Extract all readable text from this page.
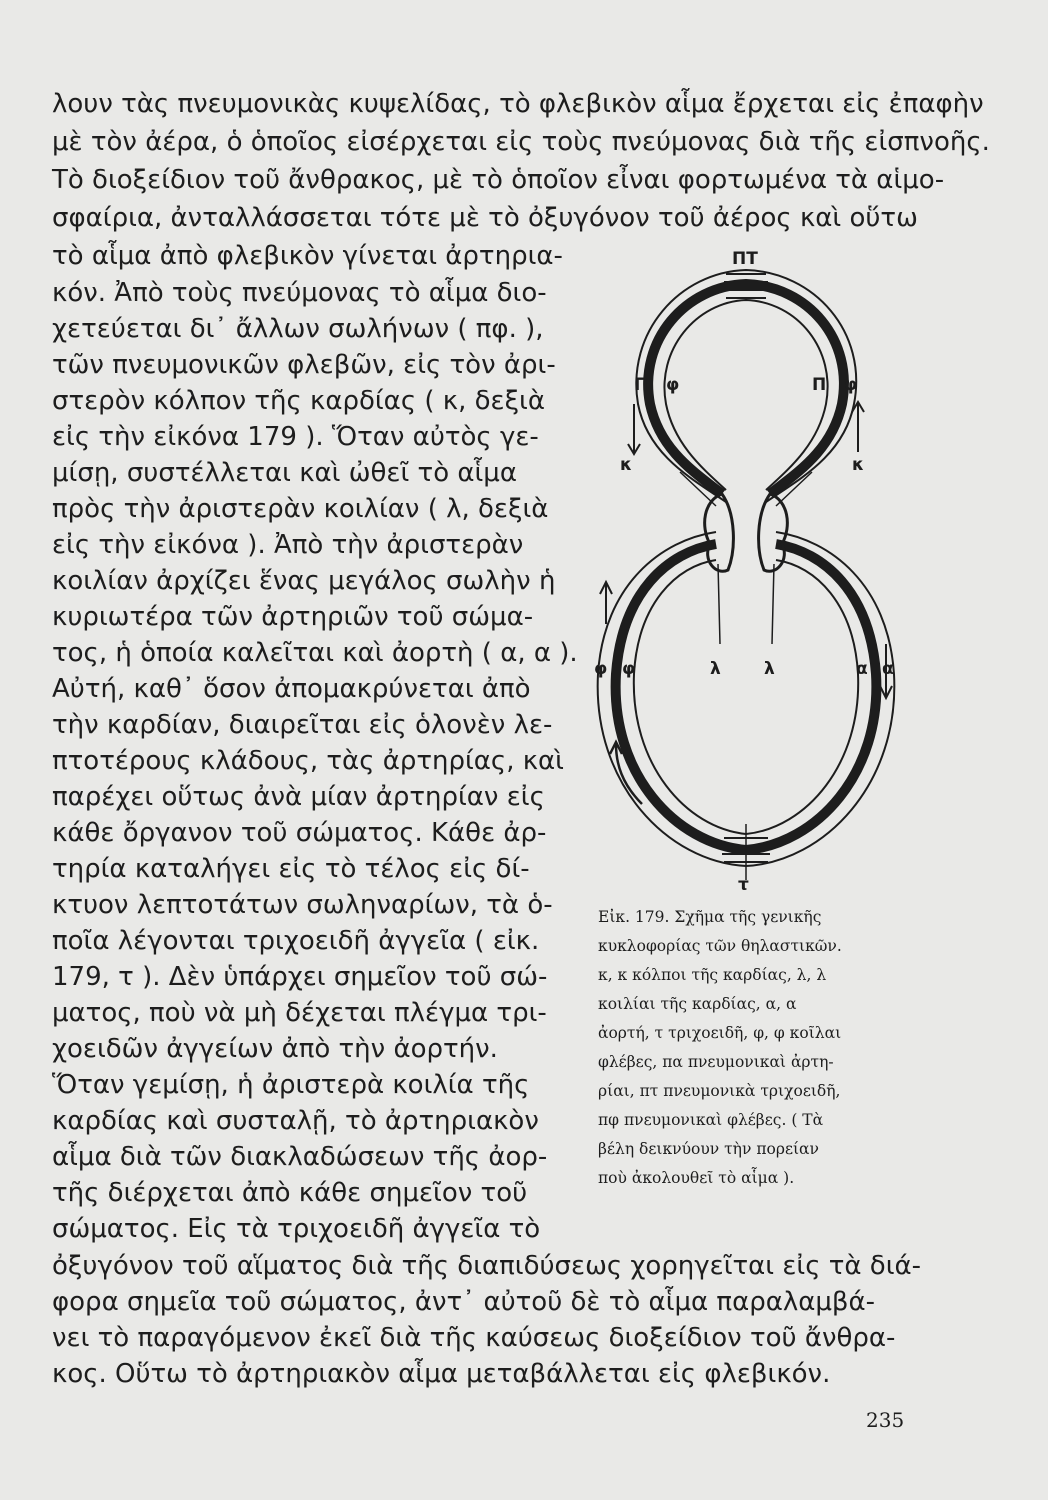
λουν τὰς πνευμονικὰς κυψελίδας, τὸ φλεβικὸν αἷμα ἔρχεται εἰς ἐπαφὴν
μὲ τὸν ἀέρα, ὁ ὁποῖος εἰσέρχεται εἰς τοὺς πνεύμονας διὰ τῆς εἰσπνοῆς.
Τὸ διοξείδιον τοῦ ἄνθρακος, μὲ τὸ ὁποῖον εἶναι φορτωμένα τὰ αἱμο-
σφαίρια, ἀνταλλάσσεται τότε μὲ τὸ ὀξυγόνον τοῦ ἀέρος καὶ οὕτω
τὸ αἷμα ἀπὸ φλεβικὸν γίνεται ἀρτηρια-
κόν. Ἀπὸ τοὺς πνεύμονας τὸ αἷμα διο-
χετεύεται δι᾽ ἄλλων σωλήνων ( πφ. ),
τῶν πνευμονικῶν φλεβῶν, εἰς τὸν ἀρι-
στερὸν κόλπον τῆς καρδίας ( κ, δεξιὰ
εἰς τὴν εἰκόνα 179 ). Ὅταν αὐτὸς γε-
μίσῃ, συστέλλεται καὶ ὠθεῖ τὸ αἷμα
πρὸς τὴν ἀριστερὰν κοιλίαν ( λ, δεξιὰ
εἰς τὴν εἰκόνα ). Ἀπὸ τὴν ἀριστερὰν
κοιλίαν ἀρχίζει ἕνας μεγάλος σωλὴν ἡ
κυριωτέρα τῶν ἀρτηριῶν τοῦ σώμα-
τος, ἡ ὁποία καλεῖται καὶ ἀορτὴ ( α, α ).
Αὐτή, καθ᾽ ὅσον ἀπομακρύνεται ἀπὸ
τὴν καρδίαν, διαιρεῖται εἰς ὁλονὲν λε-
πτοτέρους κλάδους, τὰς ἀρτηρίας, καὶ
παρέχει οὕτως ἀνὰ μίαν ἀρτηρίαν εἰς
κάθε ὄργανον τοῦ σώματος. Κάθε ἀρ-
τηρία καταλήγει εἰς τὸ τέλος εἰς δί-
κτυον λεπτοτάτων σωληναρίων, τὰ ὁ-
ποῖα λέγονται τριχοειδῆ ἀγγεῖα ( εἰκ.
179, τ ). Δὲν ὑπάρχει σημεῖον τοῦ σώ-
ματος, ποὺ νὰ μὴ δέχεται πλέγμα τρι-
χοειδῶν ἀγγείων ἀπὸ τὴν ἀορτήν.
Ὅταν γεμίσῃ, ἡ ἀριστερὰ κοιλία τῆς
καρδίας καὶ συσταλῇ, τὸ ἀρτηριακὸν
αἷμα διὰ τῶν διακλαδώσεων τῆς ἀορ-
τῆς διέρχεται ἀπὸ κάθε σημεῖον τοῦ
σώματος. Εἰς τὰ τριχοειδῆ ἀγγεῖα τὸ
ὀξυγόνον τοῦ αἵματος διὰ τῆς διαπιδύσεως χορηγεῖται εἰς τὰ διά-
φορα σημεῖα τοῦ σώματος, ἀντ᾽ αὐτοῦ δὲ τὸ αἷμα παραλαμβά-
νει τὸ παραγόμενον ἐκεῖ διὰ τῆς καύσεως διοξείδιον τοῦ ἄνθρα-
κος. Οὕτω τὸ ἀρτηριακὸν αἷμα μεταβάλλεται εἰς φλεβικόν.
ΠΤ
Π φ	Π φ
κ	κ
φ φ	λ	λ	α α
τ
Εἰκ. 179. Σχῆμα τῆς γενικῆς
κυκλοφορίας τῶν θηλαστικῶν.
κ, κ κόλποι τῆς καρδίας, λ, λ
κοιλίαι τῆς καρδίας, α, α
ἀορτή, τ τριχοειδῆ, φ, φ κοῖλαι
φλέβες, πα πνευμονικαὶ ἀρτη-
ρίαι, πτ πνευμονικὰ τριχοειδῆ,
πφ πνευμονικαὶ φλέβες. ( Τὰ
βέλη δεικνύουν τὴν πορείαν
ποὺ ἀκολουθεῖ τὸ αἷμα ).
235
